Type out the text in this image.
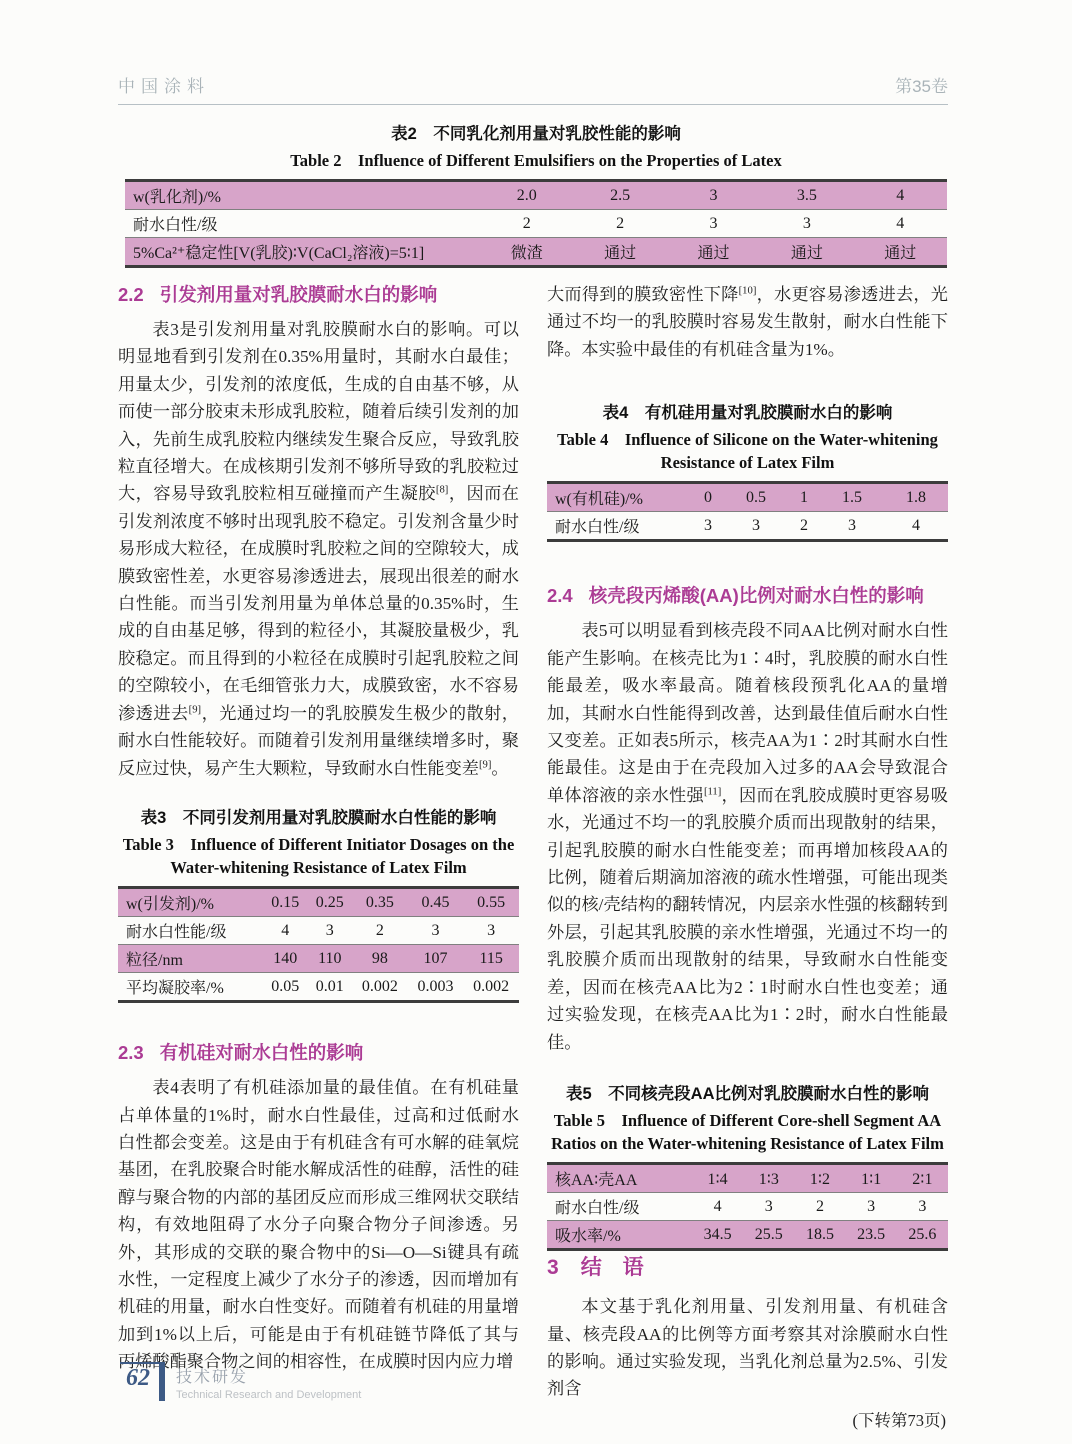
中国涂料	第35卷
表2　不同乳化剂用量对乳胶性能的影响
Table 2　Influence of Different Emulsifiers on the Properties of Latex
w(乳化剂)/%	2.0	2.5	3	3.5	4
耐水白性/级	2	2	3	3	4
5%Ca²⁺稳定性[V(乳胶)∶V(CaCl₂溶液)=5∶1]	微渣	通过	通过	通过	通过
2.2 引发剂用量对乳胶膜耐水白的影响

表3是引发剂用量对乳胶膜耐水白的影响。可以明显地看到引发剂在0.35%用量时，其耐水白最佳；用量太少，引发剂的浓度低，生成的自由基不够，从而使一部分胶束未形成乳胶粒，随着后续引发剂的加入，先前生成乳胶粒内继续发生聚合反应，导致乳胶粒直径增大。在成核期引发剂不够所导致的乳胶粒过大，容易导致乳胶粒相互碰撞而产生凝胶[8]，因而在引发剂浓度不够时出现乳胶不稳定。引发剂含量少时易形成大粒径，在成膜时乳胶粒之间的空隙较大，成膜致密性差，水更容易渗透进去，展现出很差的耐水白性能。而当引发剂用量为单体总量的0.35%时，生成的自由基足够，得到的粒径小，其凝胶量极少，乳胶稳定。而且得到的小粒径在成膜时引起乳胶粒之间的空隙较小，在毛细管张力大，成膜致密，水不容易渗透进去[9]，光通过均一的乳胶膜发生极少的散射，耐水白性能较好。而随着引发剂用量继续增多时，聚反应过快，易产生大颗粒，导致耐水白性能变差[9]。

表3　不同引发剂用量对乳胶膜耐水白性能的影响
Table 3　Influence of Different Initiator Dosages on the Water-whitening Resistance of Latex Film
w(引发剂)/%	0.15	0.25	0.35	0.45	0.55
耐水白性能/级	4	3	2	3	3
粒径/nm	140	110	98	107	115
平均凝胶率/%	0.05	0.01	0.002	0.003	0.002
2.3 有机硅对耐水白性的影响

表4表明了有机硅添加量的最佳值。在有机硅量占单体量的1%时，耐水白性最佳，过高和过低耐水白性都会变差。这是由于有机硅含有可水解的硅氧烷基团，在乳胶聚合时能水解成活性的硅醇，活性的硅醇与聚合物的内部的基团反应而形成三维网状交联结构，有效地阻碍了水分子向聚合物分子间渗透。另外，其形成的交联的聚合物中的Si—O—Si键具有疏水性，一定程度上减少了水分子的渗透，因而增加有机硅的用量，耐水白性变好。而随着有机硅的用量增加到1%以上后，可能是由于有机硅链节降低了其与丙烯酸酯聚合物之间的相容性，在成膜时因内应力增

大而得到的膜致密性下降[10]，水更容易渗透进去，光通过不均一的乳胶膜时容易发生散射，耐水白性能下降。本实验中最佳的有机硅含量为1%。

表4　有机硅用量对乳胶膜耐水白的影响
Table 4　Influence of Silicone on the Water-whitening Resistance of Latex Film
w(有机硅)/%	0	0.5	1	1.5	1.8
耐水白性/级	3	3	2	3	4
2.4 核壳段丙烯酸(AA)比例对耐水白性的影响

表5可以明显看到核壳段不同AA比例对耐水白性能产生影响。在核壳比为1∶4时，乳胶膜的耐水白性能最差，吸水率最高。随着核段预乳化AA的量增加，其耐水白性能得到改善，达到最佳值后耐水白性又变差。正如表5所示，核壳AA为1∶2时其耐水白性能最佳。这是由于在壳段加入过多的AA会导致混合单体溶液的亲水性强[11]，因而在乳胶成膜时更容易吸水，光通过不均一的乳胶膜介质而出现散射的结果，引起乳胶膜的耐水白性能变差；而再增加核段AA的比例，随着后期滴加溶液的疏水性增强，可能出现类似的核/壳结构的翻转情况，内层亲水性强的核翻转到外层，引起其乳胶膜的亲水性增强，光通过不均一的乳胶膜介质而出现散射的结果，导致耐水白性能变差，因而在核壳AA比为2∶1时耐水白性也变差；通过实验发现，在核壳AA比为1∶2时，耐水白性能最佳。

表5　不同核壳段AA比例对乳胶膜耐水白性的影响
Table 5　Influence of Different Core-shell Segment AA Ratios on the Water-whitening Resistance of Latex Film
核AA∶壳AA	1∶4	1∶3	1∶2	1∶1	2∶1
耐水白性/级	4	3	2	3	3
吸水率/%	34.5	25.5	18.5	23.5	25.6
3 结　语

本文基于乳化剂用量、引发剂用量、有机硅含量、核壳段AA的比例等方面考察其对涂膜耐水白性的影响。通过实验发现，当乳化剂总量为2.5%、引发剂含

(下转第73页)
62 技术研发
Technical Research and Development
